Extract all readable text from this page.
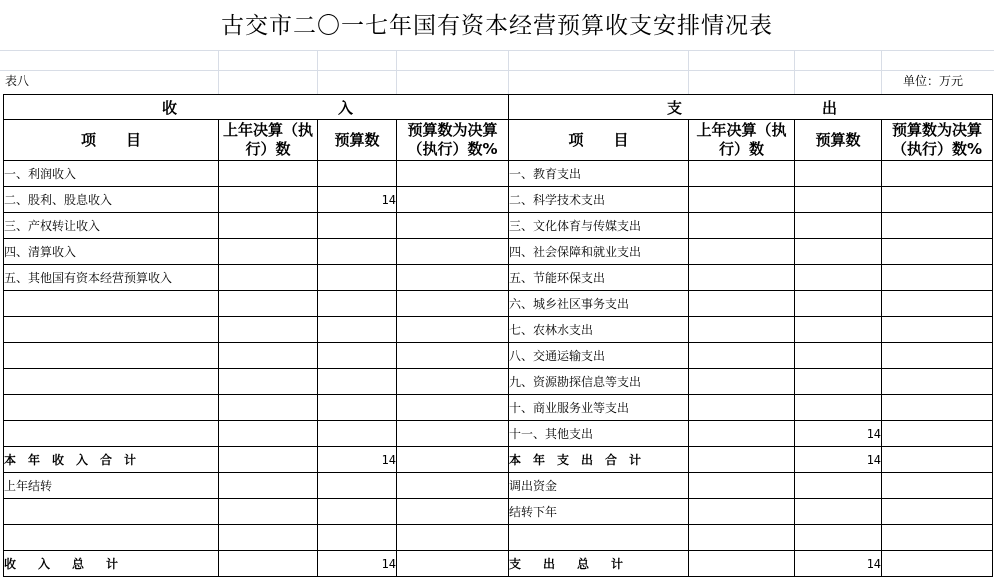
古交市二〇一七年国有资本经营预算收支安排情况表
表八	单位：万元
收 入				支 出			

项　　目	上年决算（执行）数	预算数	预算数为决算（执行）数%	项　　目	上年决算（执行）数	预算数	预算数为决算（执行）数%
一、利润收入				一、教育支出			
二、股利、股息收入		14		二、科学技术支出			
三、产权转让收入				三、文化体育与传媒支出			
四、清算收入				四、社会保障和就业支出			
五、其他国有资本经营预算收入				五、节能环保支出			
				六、城乡社区事务支出			
				七、农林水支出			
				八、交通运输支出			
				九、资源勘探信息等支出			
				十、商业服务业等支出			
				十一、其他支出		14	
本年收入合计		14		本年支出合计		14	
上年结转				调出资金			
				结转下年			

收入总计		14		支出总计		14	
